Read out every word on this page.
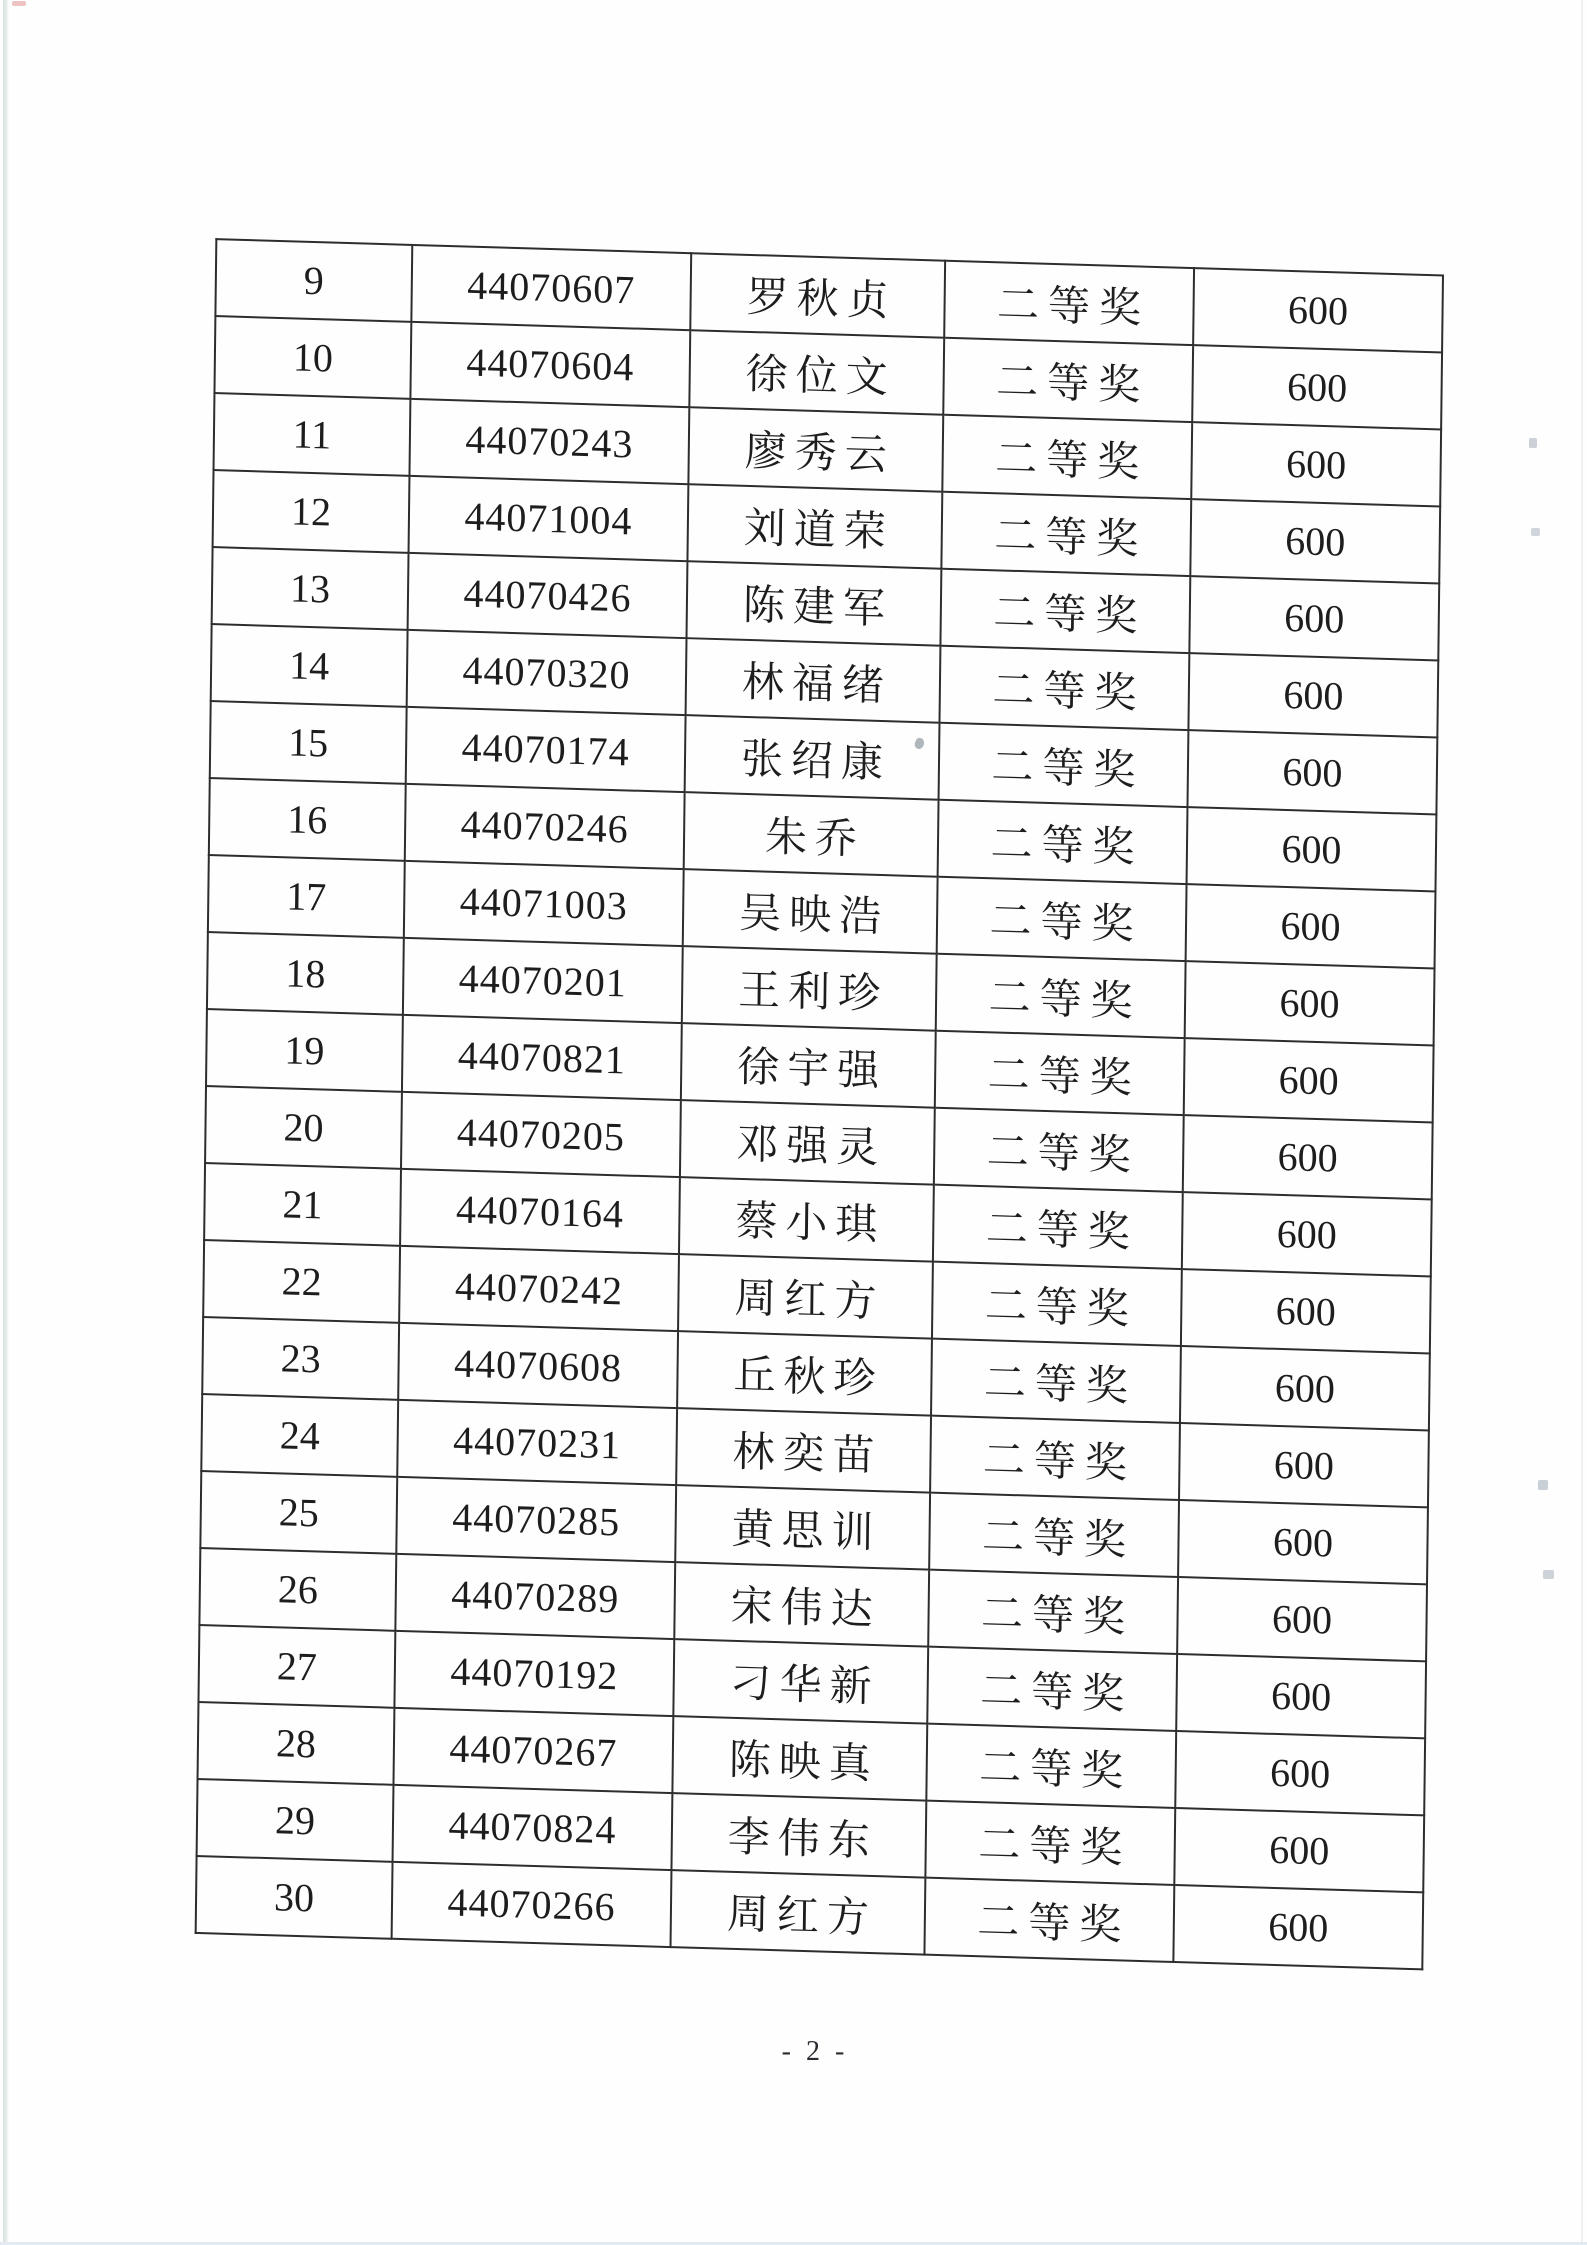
9	44070607	罗秋贞	二等奖	600
10	44070604	徐位文	二等奖	600
11	44070243	廖秀云	二等奖	600
12	44071004	刘道荣	二等奖	600
13	44070426	陈建军	二等奖	600
14	44070320	林福绪	二等奖	600
15	44070174	张绍康	二等奖	600
16	44070246	朱乔	二等奖	600
17	44071003	吴映浩	二等奖	600
18	44070201	王利珍	二等奖	600
19	44070821	徐宇强	二等奖	600
20	44070205	邓强灵	二等奖	600
21	44070164	蔡小琪	二等奖	600
22	44070242	周红方	二等奖	600
23	44070608	丘秋珍	二等奖	600
24	44070231	林奕苗	二等奖	600
25	44070285	黄思训	二等奖	600
26	44070289	宋伟达	二等奖	600
27	44070192	刁华新	二等奖	600
28	44070267	陈映真	二等奖	600
29	44070824	李伟东	二等奖	600
30	44070266	周红方	二等奖	600
- 2 -
